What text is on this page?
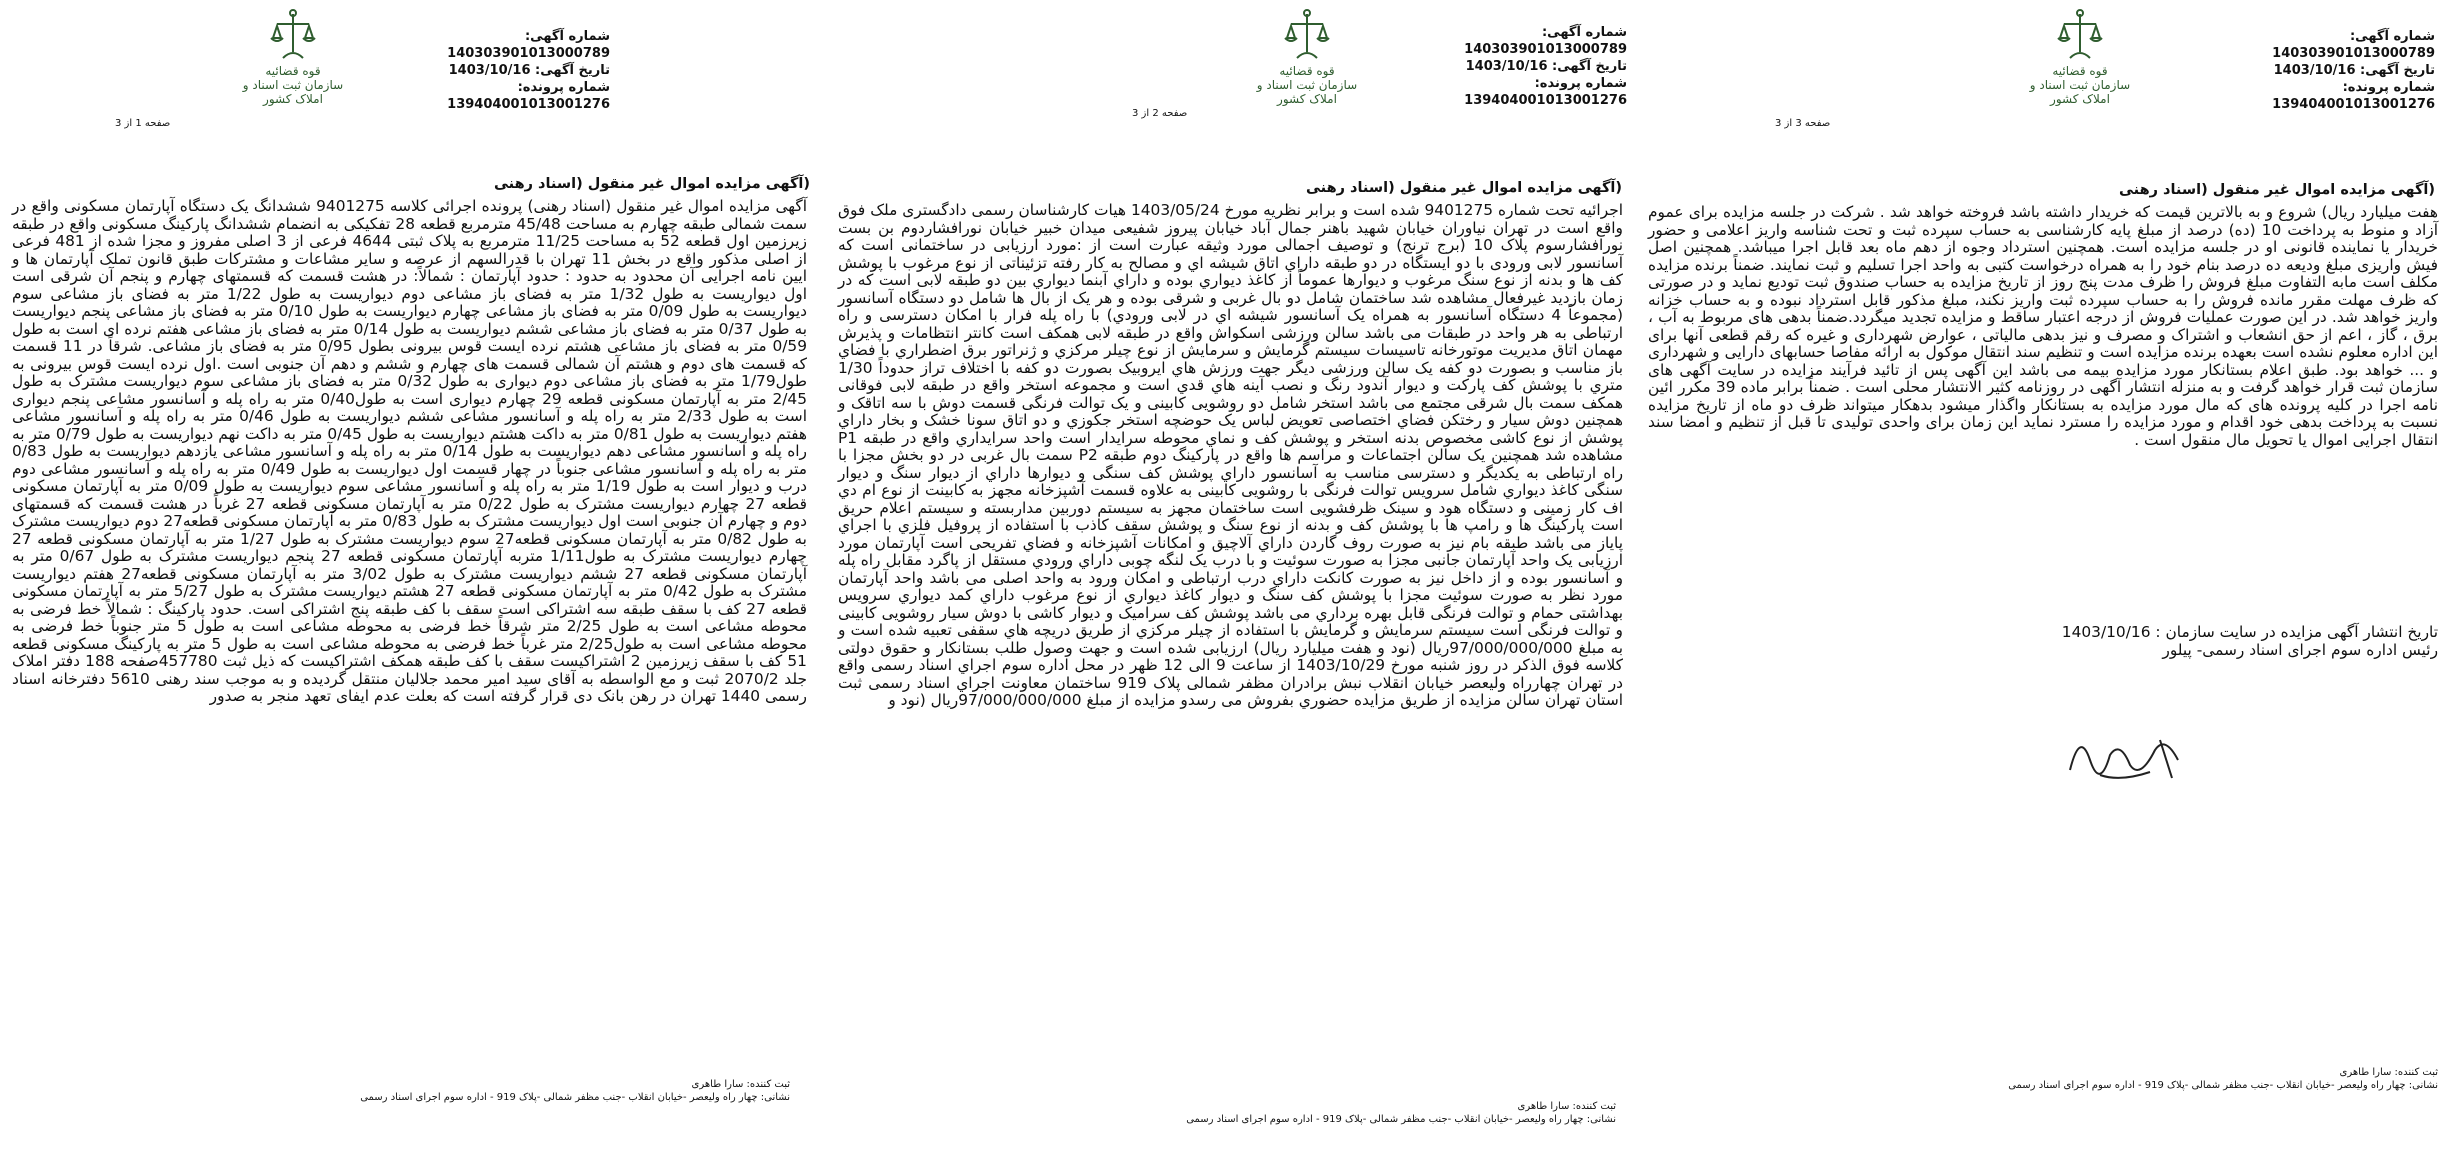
قوه قضائیه
سازمان ثبت اسناد و املاک کشور
صفحه 1 از 3
شماره آگهی: 140303901013000789
تاریخ آگهی: 1403/10/16
شماره پرونده: 139404001013001276
(آگهی مزایده اموال غیر منقول (اسناد رهنی
آگهی مزایده اموال غیر منقول (اسناد رهنی) پرونده اجرائی کلاسه 9401275 ششدانگ یک دستگاه آپارتمان مسکونی واقع در سمت شمالی طبقه چهارم به مساحت 45/48 مترمربع قطعه 28 تفکیکی به انضمام ششدانگ پارکینگ مسکونی واقع در طبقه زیرزمین اول قطعه 52 به مساحت 11/25 مترمربع به پلاک ثبتی 4644 فرعی از 3 اصلی مفروز و مجزا شده از 481 فرعی از اصلی مذکور واقع در بخش 11 تهران با قدرالسهم از عرصه و سایر مشاعات و مشترکات طبق قانون تملک آپارتمان ها و ایین نامه اجرایی آن محدود به حدود : حدود آپارتمان : شمالاً: در هشت قسمت که قسمتهای چهارم و پنجم آن شرقی است اول دیواریست به طول 1/32 متر به فضای باز مشاعی دوم دیواریست به طول 1/22 متر به فضای باز مشاعی سوم دیواریست به طول 0/09 متر به فضای باز مشاعی چهارم دیواریست به طول 0/10 متر به فضای باز مشاعی پنجم دیواریست به طول 0/37 متر به فضای باز مشاعی ششم دیواریست به طول 0/14 متر به فضای باز مشاعی هفتم نرده ای است به طول 0/59 متر به فضای باز مشاعی هشتم نرده ایست قوس بیرونی بطول 0/95 متر به فضای باز مشاعی. شرقاً در 11 قسمت که قسمت های دوم و هشتم آن شمالی قسمت های چهارم و ششم و دهم آن جنوبی است .اول نرده ایست قوس بیرونی به طول1/79 متر به فضای باز مشاعی دوم دیواری به طول 0/32 متر به فضای باز مشاعی سوم دیواریست مشترک به طول 2/45 متر به آپارتمان مسکونی قطعه 29 چهارم دیواری است به طول0/40 متر به راه پله و آسانسور مشاعی پنجم دیواری است به طول 2/33 متر به راه پله و آسانسور مشاعی ششم دیواریست به طول 0/46 متر به راه پله و آسانسور مشاعی هفتم دیواریست به طول 0/81 متر به داکت هشتم دیواریست به طول 0/45 متر به داکت نهم دیواریست به طول 0/79 متر به راه پله و آسانسور مشاعی دهم دیواریست به طول 0/14 متر به راه پله و آسانسور مشاعی یازدهم دیواریست به طول 0/83 متر به راه پله و آسانسور مشاعی جنوباً در چهار قسمت اول دیواریست به طول 0/49 متر به راه پله و آسانسور مشاعی دوم درب و دیوار است به طول 1/19 متر به راه پله و آسانسور مشاعی سوم دیواریست به طول 0/09 متر به آپارتمان مسکونی قطعه 27 چهارم دیواریست مشترک به طول 0/22 متر به آپارتمان مسکونی قطعه 27 غرباً در هشت قسمت که قسمتهای دوم و چهارم آن جنوبی است اول دیواریست مشترک به طول 0/83 متر به آپارتمان مسکونی قطعه27 دوم دیواریست مشترک به طول 0/82 متر به آپارتمان مسکونی قطعه27 سوم دیواریست مشترک به طول 1/27 متر به آپارتمان مسکونی قطعه 27 چهارم دیواریست مشترک به طول1/11 متربه آپارتمان مسکونی قطعه 27 پنجم دیواریست مشترک به طول 0/67 متر به آپارتمان مسکونی قطعه 27 ششم دیواریست مشترک به طول 3/02 متر به آپارتمان مسکونی قطعه27 هفتم دیواریست مشترک به طول 0/42 متر به آپارتمان مسکونی قطعه 27 هشتم دیواریست مشترک به طول 5/27 متر به آپارتمان مسکونی قطعه 27 کف با سقف طبقه سه اشتراکی است سقف با کف طبقه پنج اشتراکی است. حدود پارکینگ : شمالاً خط فرضی به محوطه مشاعی است به طول 2/25 متر شرقاً خط فرضی به محوطه مشاعی است به طول 5 متر جنوباً خط فرضی به محوطه مشاعی است به طول2/25 متر غرباً خط فرضی به محوطه مشاعی است به طول 5 متر به پارکینگ مسکونی قطعه 51 کف با سقف زیرزمین 2 اشتراکیست سقف با کف طبقه همکف اشتراکیست که ذیل ثبت 457780صفحه 188 دفتر املاک جلد 2070/2 ثبت و مع الواسطه به آقای سید امیر محمد جلالیان منتقل گردیده و به موجب سند رهنی 5610 دفترخانه اسناد رسمی 1440 تهران در رهن بانک دی قرار گرفته است که بعلت عدم ایفای تعهد منجر به صدور
ثبت کننده: سارا طاهری
نشانی: چهار راه ولیعصر -خیابان انقلاب -جنب مظفر شمالی -پلاک 919 - اداره سوم اجرای اسناد رسمی
قوه قضائیه
سازمان ثبت اسناد و املاک کشور
صفحه 2 از 3
شماره آگهی: 140303901013000789
تاریخ آگهی: 1403/10/16
شماره پرونده: 139404001013001276
(آگهی مزایده اموال غیر منقول (اسناد رهنی
اجرائیه تحت شماره 9401275 شده است و برابر نظریه مورخ 1403/05/24 هیات کارشناسان رسمی دادگستری ملک فوق واقع است در تهران نیاوران خیابان شهید باهنر جمال آباد خیابان پیروز شفیعی میدان خبیر خیابان نورافشاردوم بن بست نورافشارسوم پلاک 10 (برج ترنج) و توصیف اجمالی مورد وثیقه عبارت است از :مورد ارزیابی در ساختمانی است که آسانسور لابی ورودی با دو ایستگاه در دو طبقه داراي اتاق شیشه اي و مصالح به کار رفته تزئیناتی از نوع مرغوب با پوشش کف ها و بدنه از نوع سنگ مرغوب و دیوارها عموماً از کاغذ دیواري بوده و داراي آبنما دیواري بین دو طبقه لابی است که در زمان بازدید غیرفعال مشاهده شد ساختمان شامل دو بال غربی و شرقی بوده و هر یک از بال ها شامل دو دستگاه آسانسور (مجموعاً 4 دستگاه آسانسور به همراه یک آسانسور شیشه اي در لابی ورودي) با راه پله فرار با امکان دسترسی و راه ارتباطی به هر واحد در طبقات می باشد سالن ورزشی اسکواش واقع در طبقه لابی همکف است کانتر انتظامات و پذیرش مهمان اتاق مدیریت موتورخانه تاسیسات سیستم گرمایش و سرمایش از نوع چیلر مرکزي و ژنراتور برق اضطراري با فضاي باز مناسب و بصورت دو کفه یک سالن ورزشی دیگر جهت ورزش هاي ایروبیک بصورت دو کفه با اختلاف تراز حدوداً 1/30 متري با پوشش کف پارکت و دیوار آندود رنگ و نصب آینه هاي قدي است و مجموعه استخر واقع در طبقه لابی فوقانی همکف سمت بال شرقی مجتمع می باشد استخر شامل دو روشویی کابینی و یک توالت فرنگی قسمت دوش با سه اتاقک و همچنین دوش سیار و رختکن فضاي اختصاصی تعویض لباس یک حوضچه استخر جکوزي و دو اتاق سونا خشک و بخار داراي پوشش از نوع کاشی مخصوص بدنه استخر و پوشش کف و نماي محوطه سرایدار است واحد سرایداري واقع در طبقه P1 مشاهده شد همچنین یک سالن اجتماعات و مراسم ها واقع در پارکینگ دوم طبقه P2 سمت بال غربی در دو بخش مجزا با راه ارتباطی به یکدیگر و دسترسی مناسب به آسانسور داراي پوشش کف سنگی و دیوارها داراي از دیوار سنگ و دیوار سنگی کاغذ دیواري شامل سرویس توالت فرنگی با روشویی کابینی به علاوه قسمت آشپزخانه مجهز به کابینت از نوع ام دي اف کار زمینی و دستگاه هود و سینک ظرفشویی است ساختمان مجهز به سیستم دوربین مداربسته و سیستم اعلام حریق است پارکینگ ها و رامپ ها با پوشش کف و بدنه از نوع سنگ و پوشش سقف کاذب با استفاده از پروفیل فلزي با اجراي پایاز می باشد طبقه بام نیز به صورت روف گاردن داراي آلاچیق و امکانات آشپزخانه و فضاي تفریحی است آپارتمان مورد ارزیابی یک واحد آپارتمان جانبی مجزا به صورت سوئیت و با درب یک لنگه چوبی داراي ورودي مستقل از پاگرد مقابل راه پله و آسانسور بوده و از داخل نیز به صورت کانکت داراي درب ارتباطی و امکان ورود به واحد اصلی می باشد واحد آپارتمان مورد نظر به صورت سوئیت مجزا با پوشش کف سنگ و دیوار کاغذ دیواري از نوع مرغوب داراي کمد دیواري سرویس بهداشتی حمام و توالت فرنگی قابل بهره برداري می باشد پوشش کف سرامیک و دیوار کاشی با دوش سیار روشویی کابینی و توالت فرنگی است سیستم سرمایش و گرمایش با استفاده از چیلر مرکزي از طریق دریچه هاي سقفی تعبیه شده است و به مبلغ 97/000/000/000ریال (نود و هفت میلیارد ریال) ارزیابی شده است و جهت وصول طلب بستانکار و حقوق دولتی کلاسه فوق الذکر در روز شنبه مورخ 1403/10/29 از ساعت 9 الی 12 ظهر در محل اداره سوم اجراي اسناد رسمی واقع در تهران چهارراه ولیعصر خیابان انقلاب نبش برادران مظفر شمالی پلاک 919 ساختمان معاونت اجراي اسناد رسمی ثبت استان تهران سالن مزایده از طریق مزایده حضوري بفروش می رسدو مزایده از مبلغ 97/000/000/000ریال (نود و
ثبت کننده: سارا طاهری
نشانی: چهار راه ولیعصر -خیابان انقلاب -جنب مظفر شمالی -پلاک 919 - اداره سوم اجرای اسناد رسمی
قوه قضائیه
سازمان ثبت اسناد و املاک کشور
صفحه 3 از 3
شماره آگهی: 140303901013000789
تاریخ آگهی: 1403/10/16
شماره پرونده: 139404001013001276
(آگهی مزایده اموال غیر منقول (اسناد رهنی
هفت میلیارد ریال) شروع و به بالاترین قیمت که خریدار داشته باشد فروخته خواهد شد . شرکت در جلسه مزایده برای عموم آزاد و منوط به پرداخت 10 (ده) درصد از مبلغ پایه کارشناسی به حساب سپرده ثبت و تحت شناسه واریز اعلامی و حضور خریدار یا نماینده قانونی او در جلسه مزایده است. همچنین استرداد وجوه از دهم ماه بعد قابل اجرا میباشد. همچنین اصل فیش واریزی مبلغ ودیعه ده درصد بنام خود را به همراه درخواست کتبی به واحد اجرا تسلیم و ثبت نمایند. ضمناً برنده مزایده مکلف است مابه التفاوت مبلغ فروش را ظرف مدت پنج روز از تاریخ مزایده به حساب صندوق ثبت تودیع نماید و در صورتی که ظرف مهلت مقرر مانده فروش را به حساب سپرده ثبت واریز نکند، مبلغ مذکور قابل استرداد نبوده و به حساب خزانه واریز خواهد شد. در این صورت عملیات فروش از درجه اعتبار ساقط و مزایده تجدید میگردد.ضمناً بدهی های مربوط به آب ، برق ، گاز ، اعم از حق انشعاب و اشتراک و مصرف و نیز بدهی مالیاتی ، عوارض شهرداری و غیره که رقم قطعی آنها برای این اداره معلوم نشده است بعهده برنده مزایده است و تنظیم سند انتقال موکول به ارائه مفاصا حسابهای دارایی و شهرداری و ... خواهد بود. طبق اعلام بستانکار مورد مزایده بیمه می باشد این آگهی پس از تائید فرآیند مزایده در سایت آگهی های سازمان ثبت قرار خواهد گرفت و به منزله انتشار آگهی در روزنامه کثیر الانتشار محلی است . ضمناً برابر ماده 39 مکرر ائین نامه اجرا در کلیه پرونده های که مال مورد مزایده به بستانکار واگذار میشود بدهکار میتواند ظرف دو ماه از تاریخ مزایده نسبت به پرداخت بدهی خود اقدام و مورد مزایده را مسترد نماید این زمان برای واحدی تولیدی تا قبل از تنظیم و امضا سند انتقال اجرایی اموال یا تحویل مال منقول است .
تاریخ انتشار آگهی مزایده در سایت سازمان : 1403/10/16
رئیس اداره سوم اجرای اسناد رسمی- پیلور
ثبت کننده: سارا طاهری
نشانی: چهار راه ولیعصر -خیابان انقلاب -جنب مظفر شمالی -پلاک 919 - اداره سوم اجرای اسناد رسمی
